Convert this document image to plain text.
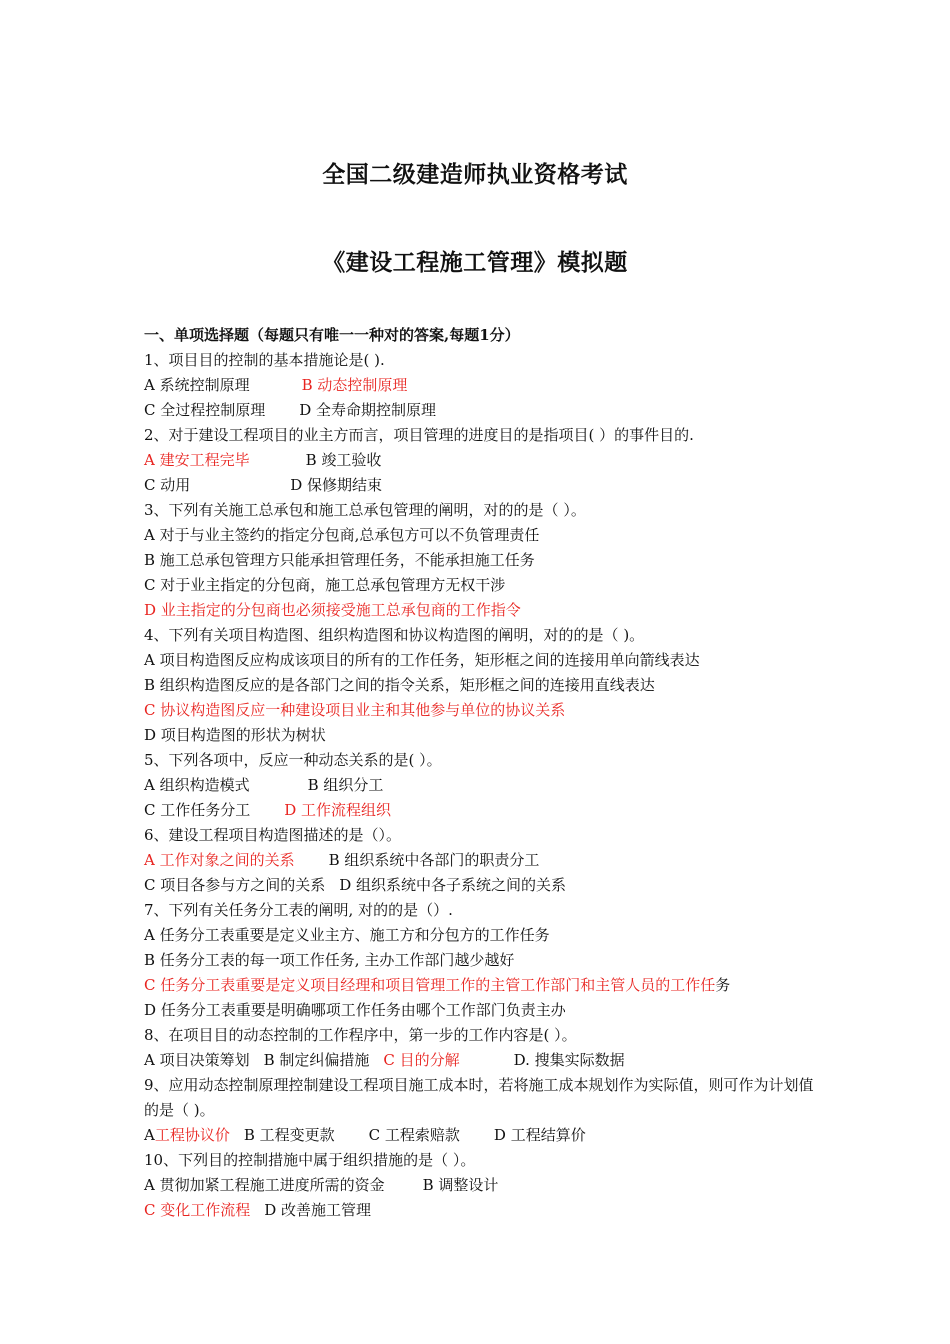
全国二级建造师执业资格考试
《建设工程施工管理》模拟题
一、单项选择题（每题只有唯一一种对的答案,每题1分）
1、项目目的控制的基本措施论是( ).
A 系统控制原理	B 动态控制原理
C 全过程控制原理 D 全寿命期控制原理
2、对于建设工程项目的业主方而言，项目管理的进度目的是指项目( ）的事件目的.
A 建安工程完毕	B 竣工验收
C 动用	D 保修期结束
3、下列有关施工总承包和施工总承包管理的阐明，对的的是（ ）。
A 对于与业主签约的指定分包商,总承包方可以不负管理责任
B 施工总承包管理方只能承担管理任务，不能承担施工任务
C 对于业主指定的分包商，施工总承包管理方无权干涉
D 业主指定的分包商也必须接受施工总承包商的工作指令
4、下列有关项目构造图、组织构造图和协议构造图的阐明，对的的是（ )。
A 项目构造图反应构成该项目的所有的工作任务，矩形框之间的连接用单向箭线表达
B 组织构造图反应的是各部门之间的指令关系，矩形框之间的连接用直线表达
C 协议构造图反应一种建设项目业主和其他参与单位的协议关系
D 项目构造图的形状为树状
5、下列各项中，反应一种动态关系的是( ）。
A 组织构造模式	B 组织分工
C 工作任务分工 D 工作流程组织
6、建设工程项目构造图描述的是（）。
A 工作对象之间的关系 B 组织系统中各部门的职责分工
C 项目各参与方之间的关系 D 组织系统中各子系统之间的关系
7、下列有关任务分工表的阐明, 对的的是（）.
A 任务分工表重要是定义业主方、施工方和分包方的工作任务
B 任务分工表的每一项工作任务, 主办工作部门越少越好
C 任务分工表重要是定义项目经理和项目管理工作的主管工作部门和主管人员的工作任务
D 任务分工表重要是明确哪项工作任务由哪个工作部门负责主办
8、在项目目的动态控制的工作程序中，第一步的工作内容是( ）。
A 项目决策筹划 B 制定纠偏措施 C 目的分解	D. 搜集实际数据
9、应用动态控制原理控制建设工程项目施工成本时，若将施工成本规划作为实际值，则可作为计划值的是（ )。
A工程协议价 B 工程变更款 C 工程索赔款 D 工程结算价
10、下列目的控制措施中属于组织措施的是（ ）。
A 贯彻加紧工程施工进度所需的资金	B 调整设计
C 变化工作流程 D 改善施工管理
